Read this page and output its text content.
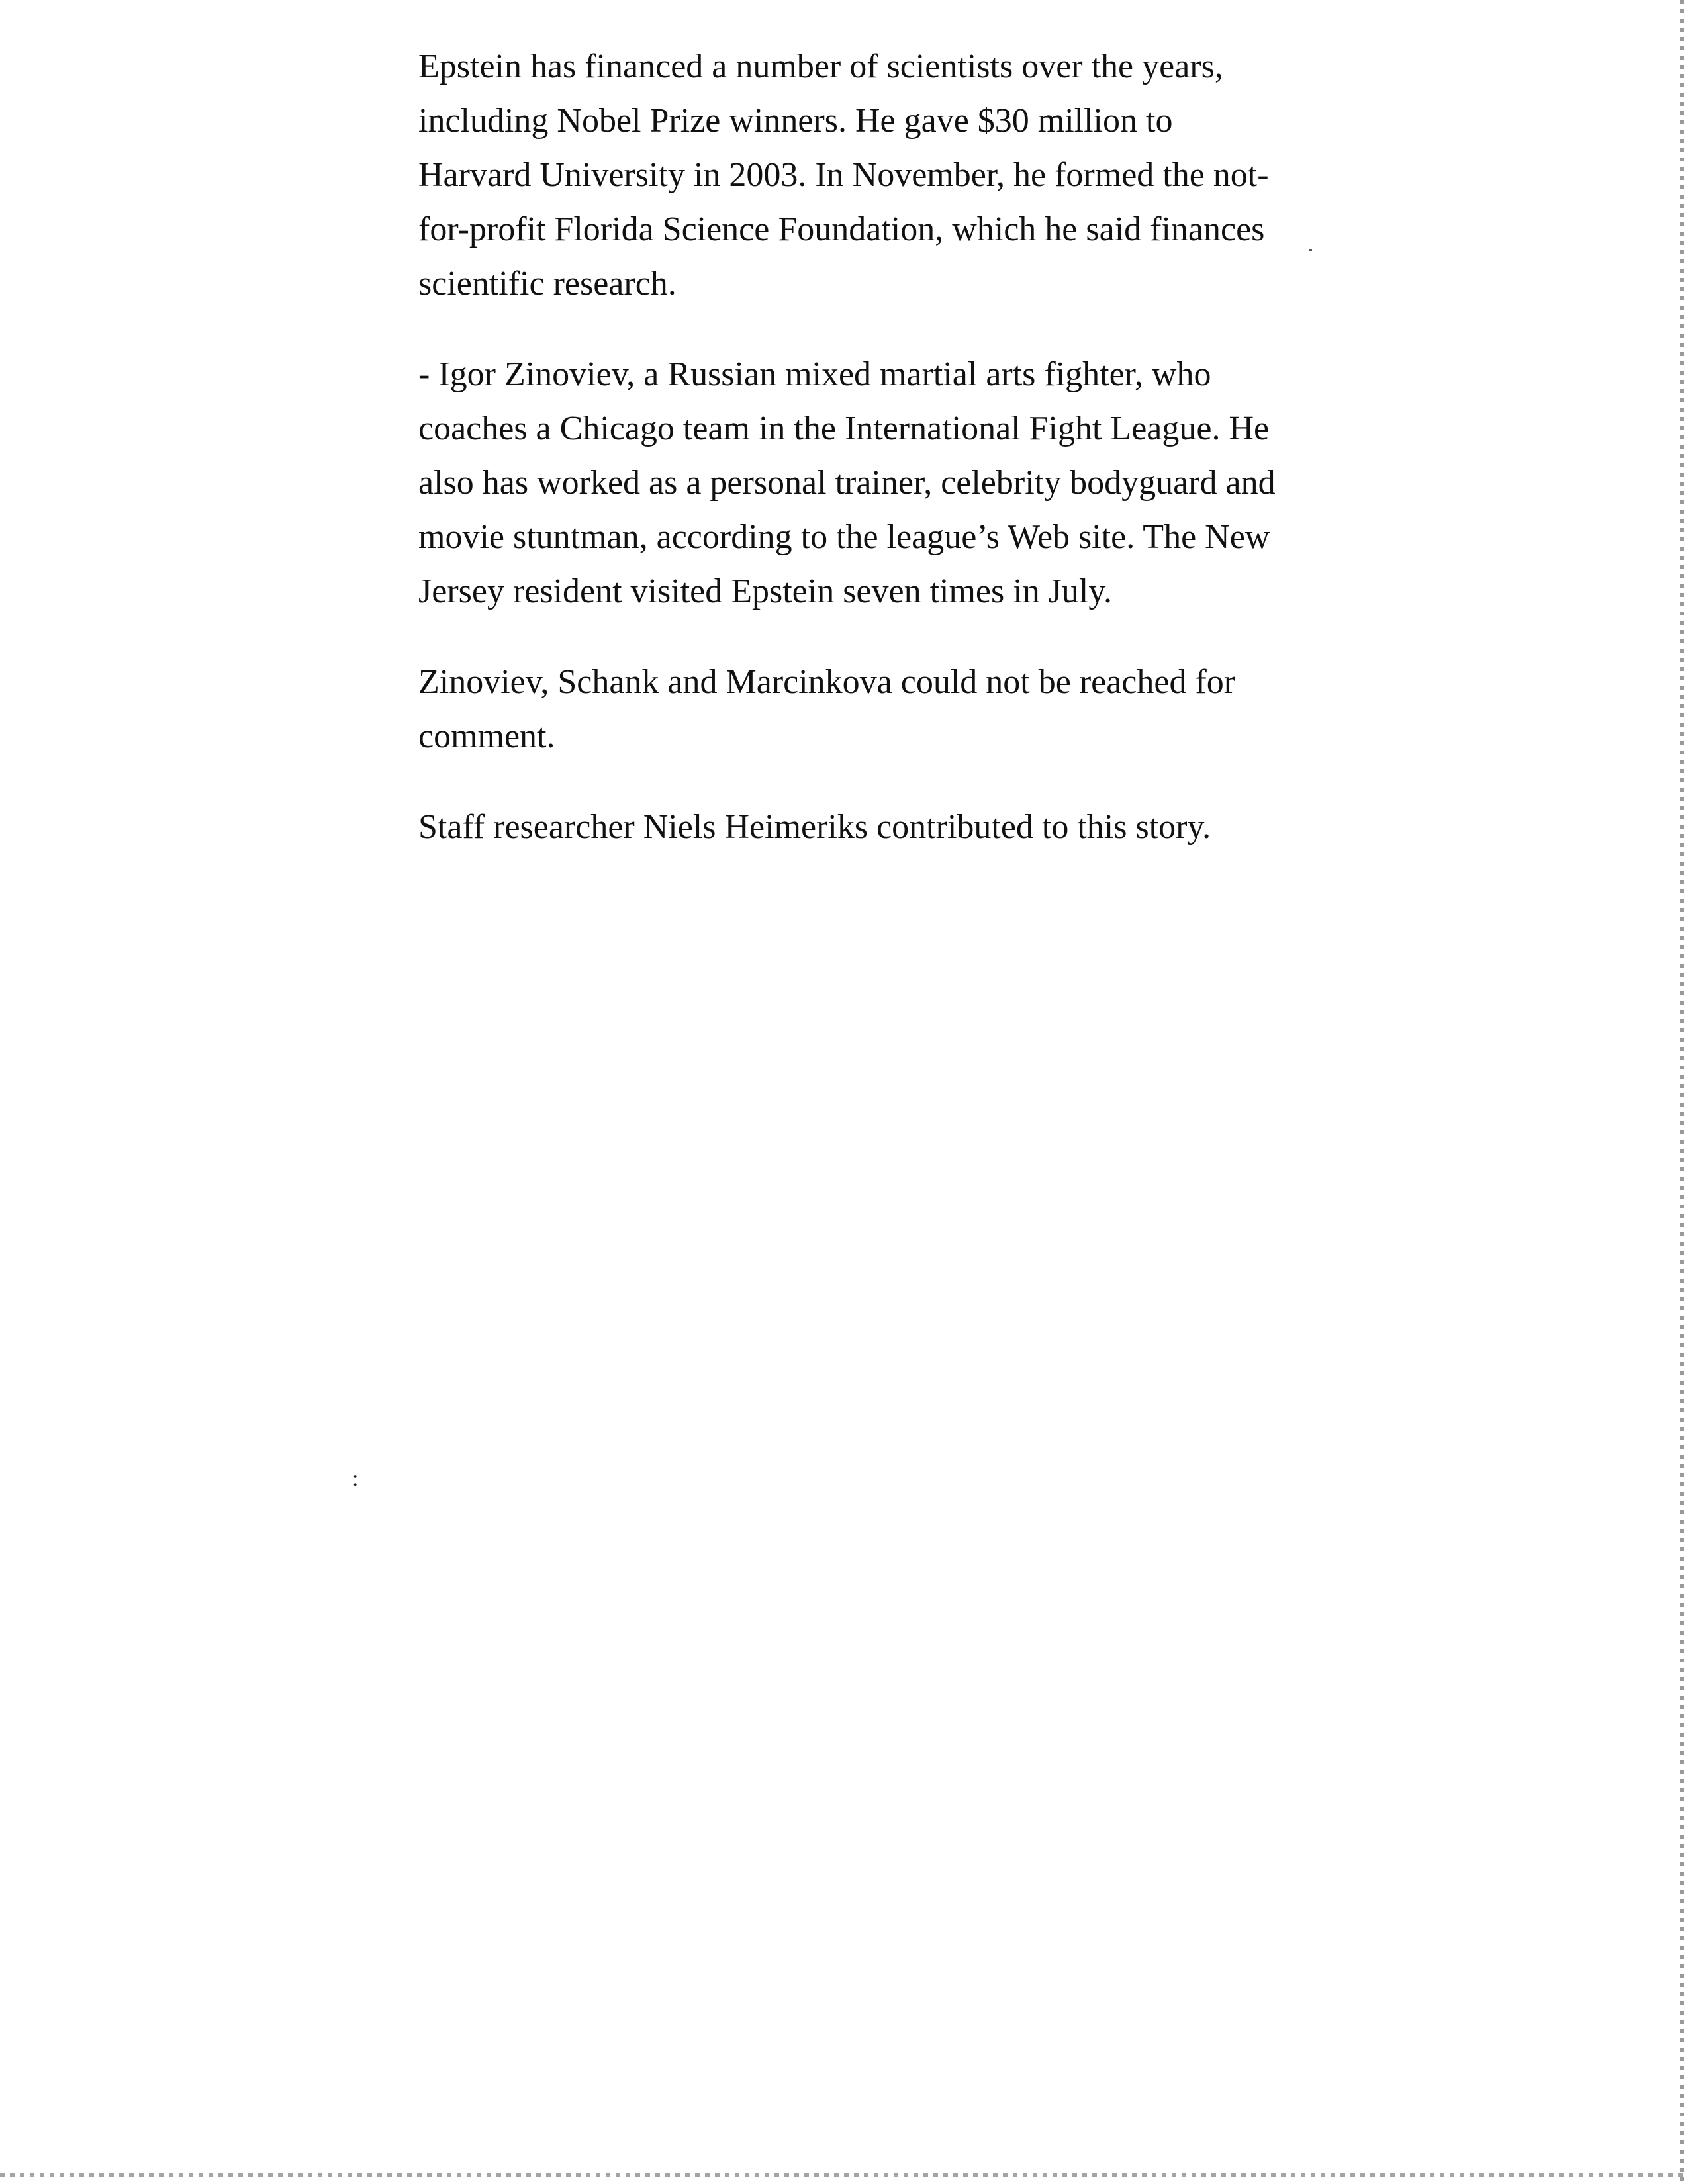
Epstein has financed a number of scientists over the years, including Nobel Prize winners. He gave $30 million to Harvard University in 2003. In November, he formed the not-for-profit Florida Science Foundation, which he said finances scientific research.

- Igor Zinoviev, a Russian mixed martial arts fighter, who coaches a Chicago team in the International Fight League. He also has worked as a personal trainer, celebrity bodyguard and movie stuntman, according to the league’s Web site. The New Jersey resident visited Epstein seven times in July.

Zinoviev, Schank and Marcinkova could not be reached for comment.

Staff researcher Niels Heimeriks contributed to this story.

:
